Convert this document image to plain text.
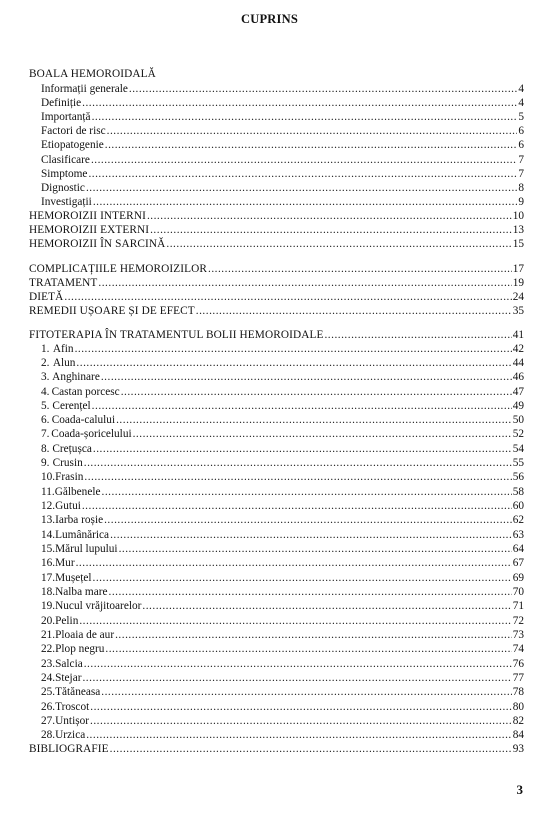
CUPRINS
BOALA HEMOROIDALĂ
Informații generale .....	4
Definiție .....	4
Importanță .....	5
Factori de risc .....	6
Etiopatogenie .....	6
Clasificare .....	7
Simptome .....	7
Dignostic .....	8
Investigații .....	9
HEMOROIZII INTERNI .....	10
HEMOROIZII EXTERNI .....	13
HEMOROIZII ÎN SARCINĂ .....	15
COMPLICAȚIILE HEMOROIZILOR .....	17
TRATAMENT .....	19
DIETĂ .....	24
REMEDII UȘOARE ȘI DE EFECT .....	35
FITOTERAPIA ÎN TRATAMENTUL BOLII HEMOROIDALE .....	41
1. Afin .....	42
2. Alun .....	44
3. Anghinare .....	46
4. Castan porcesc .....	47
5. Cerențel .....	49
6. Coada-calului .....	50
7. Coada-șoricelului .....	52
8. Crețușca .....	54
9. Crusin .....	55
10. Frasin .....	56
11. Gălbenele .....	58
12. Gutui .....	60
13. Iarba roșie .....	62
14. Lumânărica .....	63
15. Mărul lupului .....	64
16. Mur .....	67
17. Mușețel .....	69
18. Nalba mare .....	70
19. Nucul vrăjitoarelor .....	71
20. Pelin .....	72
21. Ploaia de aur .....	73
22. Plop negru .....	74
23. Salcia .....	76
24. Stejar .....	77
25. Tătăneasa .....	78
26. Troscot .....	80
27. Untișor .....	82
28. Urzica .....	84
BIBLIOGRAFIE .....	93
3
